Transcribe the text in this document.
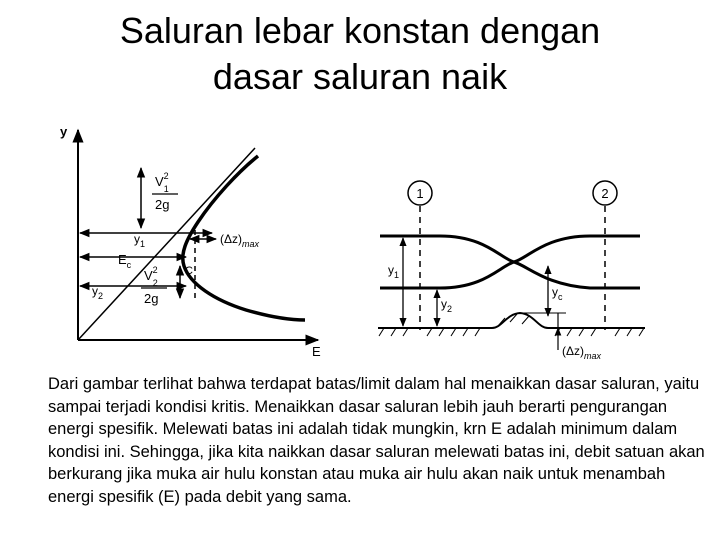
Saluran lebar konstan dengan
dasar saluran naik
y
E
$y_1$
$E_c$
$y_2$
$V^2$ 1
2g
$V^2$ 2
2g
C
$(\Delta z)_{max}$
1	2
$y_1$
$y_2$
$y_c$
$(\Delta z)_{max}$

Dari gambar terlihat bahwa terdapat batas/limit dalam hal menaikkan dasar saluran, yaitu sampai terjadi kondisi kritis. Menaikkan dasar saluran lebih jauh berarti pengurangan energi spesifik. Melewati batas ini adalah tidak mungkin, krn E adalah minimum dalam kondisi ini. Sehingga, jika kita naikkan dasar saluran melewati batas ini, debit satuan akan berkurang jika muka air hulu konstan atau muka air hulu akan naik untuk menambah energi spesifik (E) pada debit yang sama.
